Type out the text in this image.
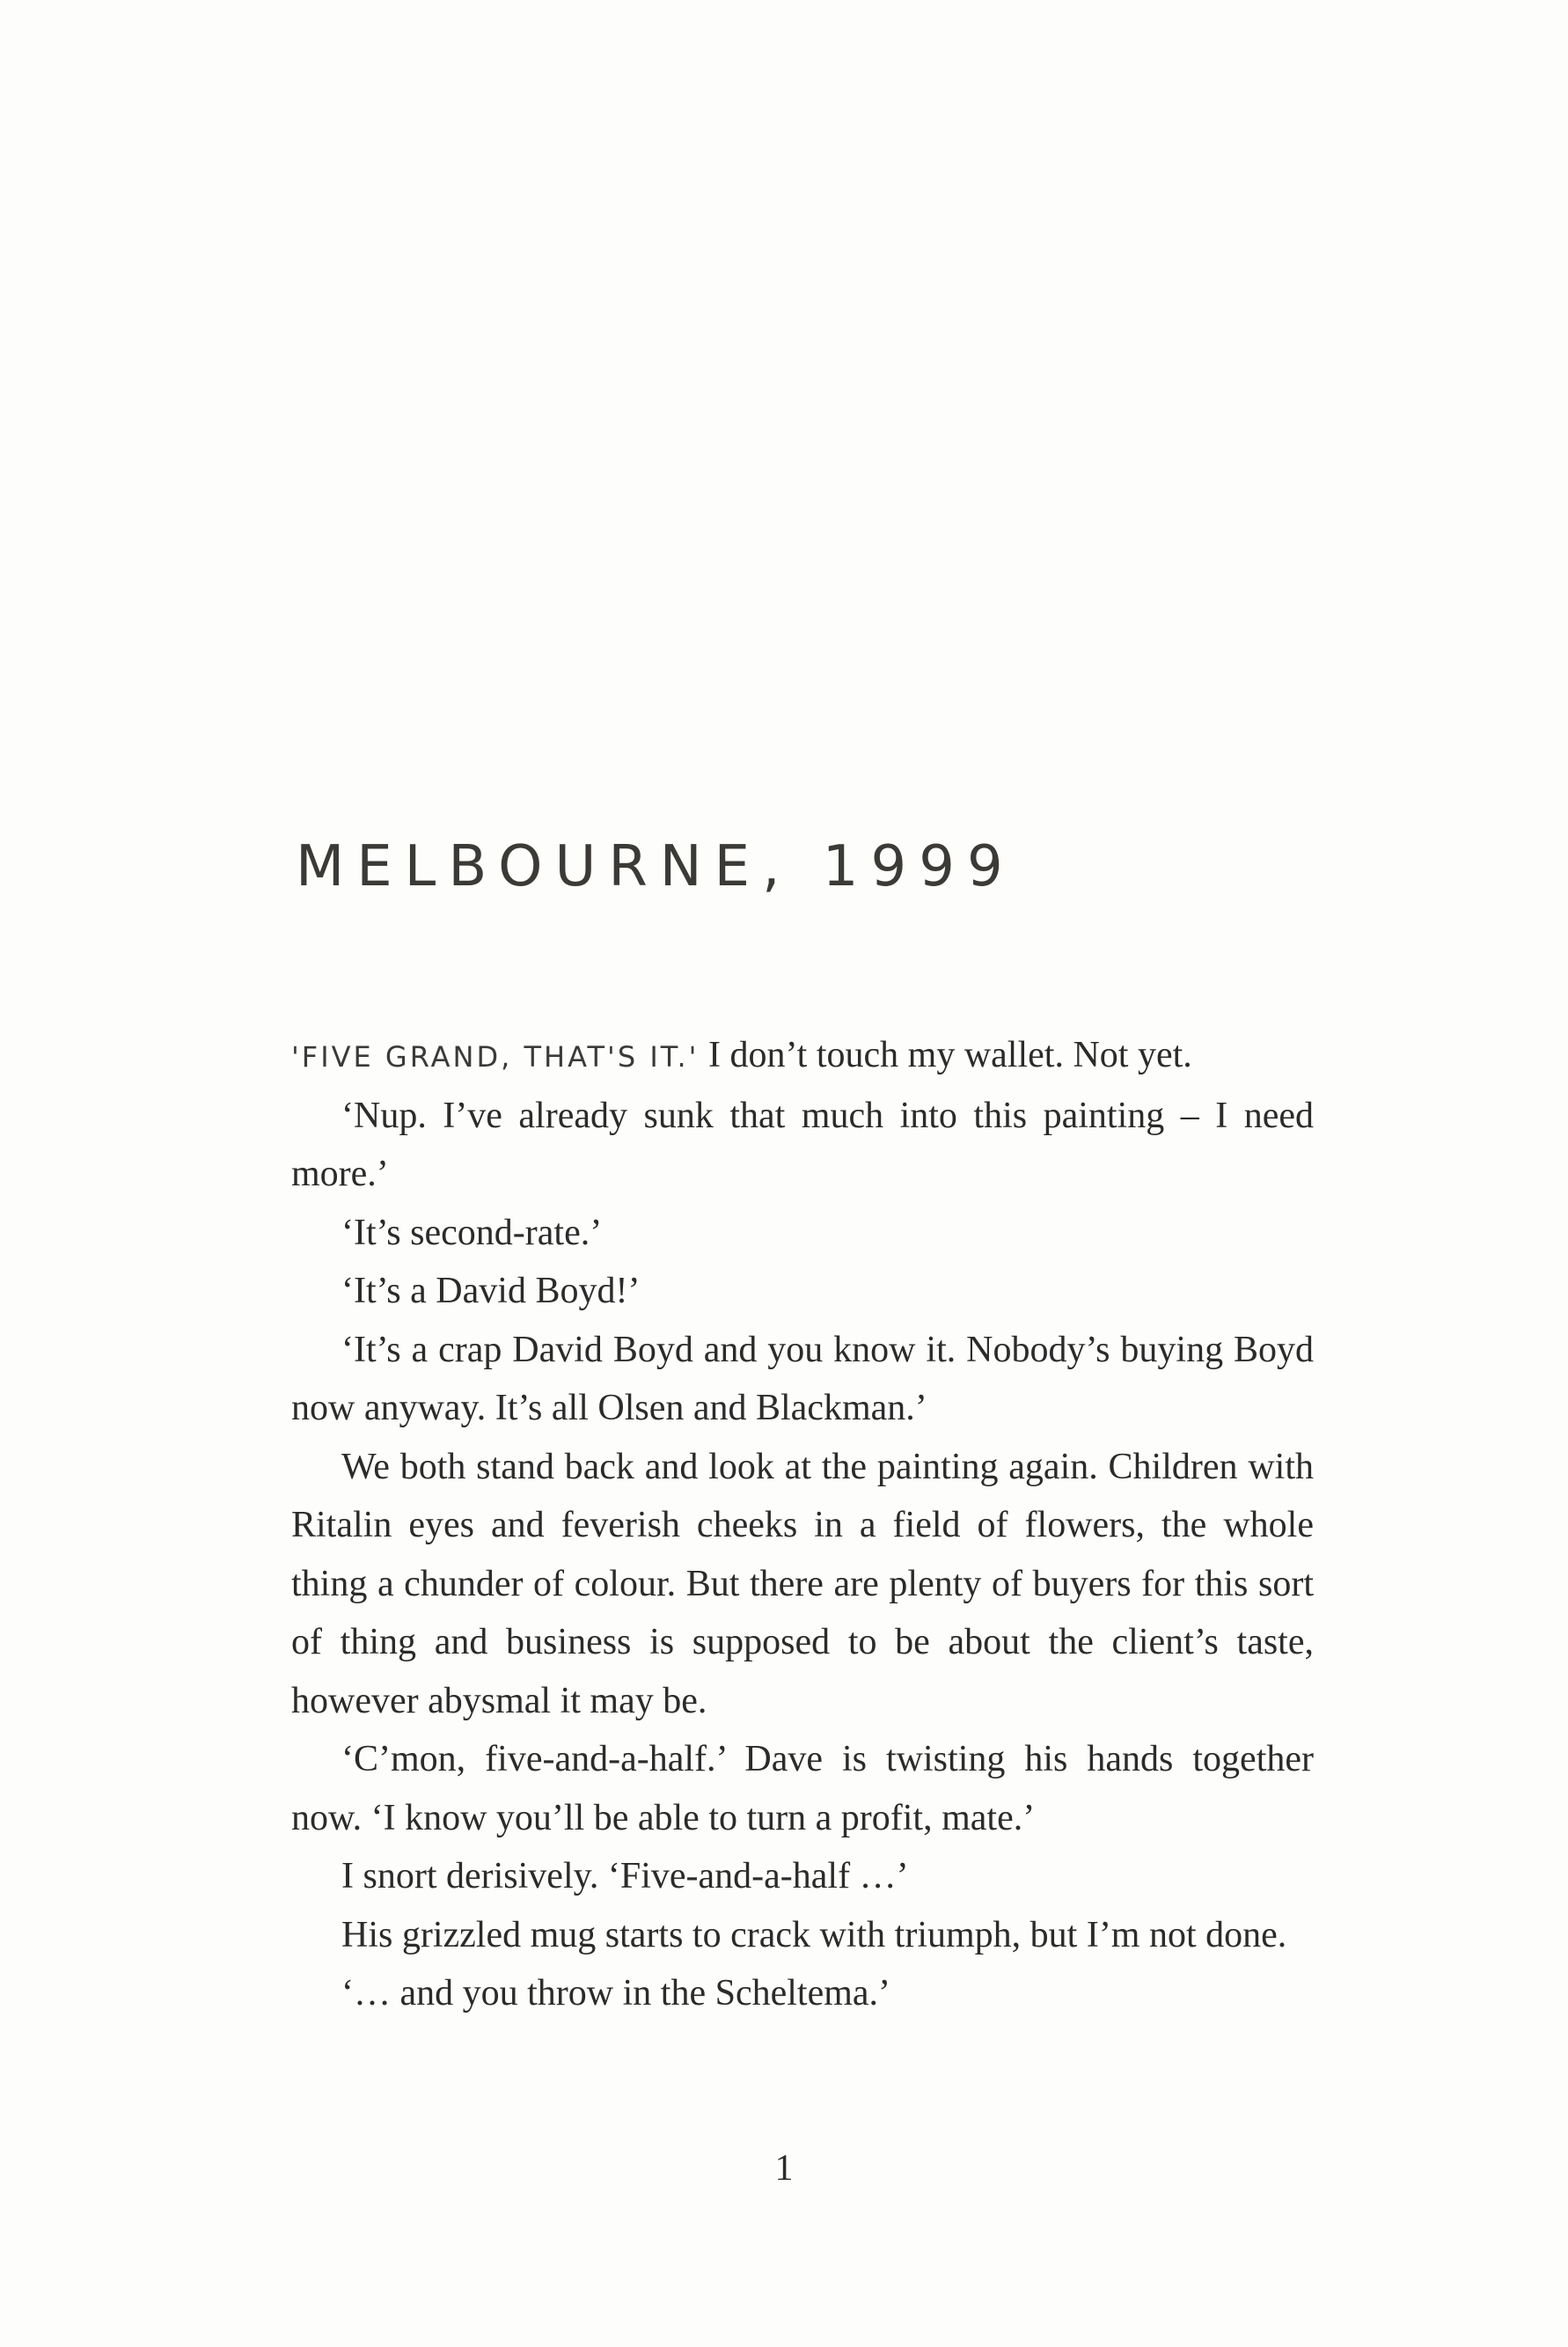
MELBOURNE, 1999

'FIVE GRAND, THAT'S IT.' I don’t touch my wallet. Not yet.

‘Nup. I’ve already sunk that much into this painting – I need more.’

‘It’s second-rate.’

‘It’s a David Boyd!’

‘It’s a crap David Boyd and you know it. Nobody’s buying Boyd now anyway. It’s all Olsen and Blackman.’

We both stand back and look at the painting again. Children with Ritalin eyes and feverish cheeks in a field of flowers, the whole thing a chunder of colour. But there are plenty of buyers for this sort of thing and business is supposed to be about the client’s taste, however abysmal it may be.

‘C’mon, five-and-a-half.’ Dave is twisting his hands together now. ‘I know you’ll be able to turn a profit, mate.’

I snort derisively. ‘Five-and-a-half …’

His grizzled mug starts to crack with triumph, but I’m not done.

‘… and you throw in the Scheltema.’

1
